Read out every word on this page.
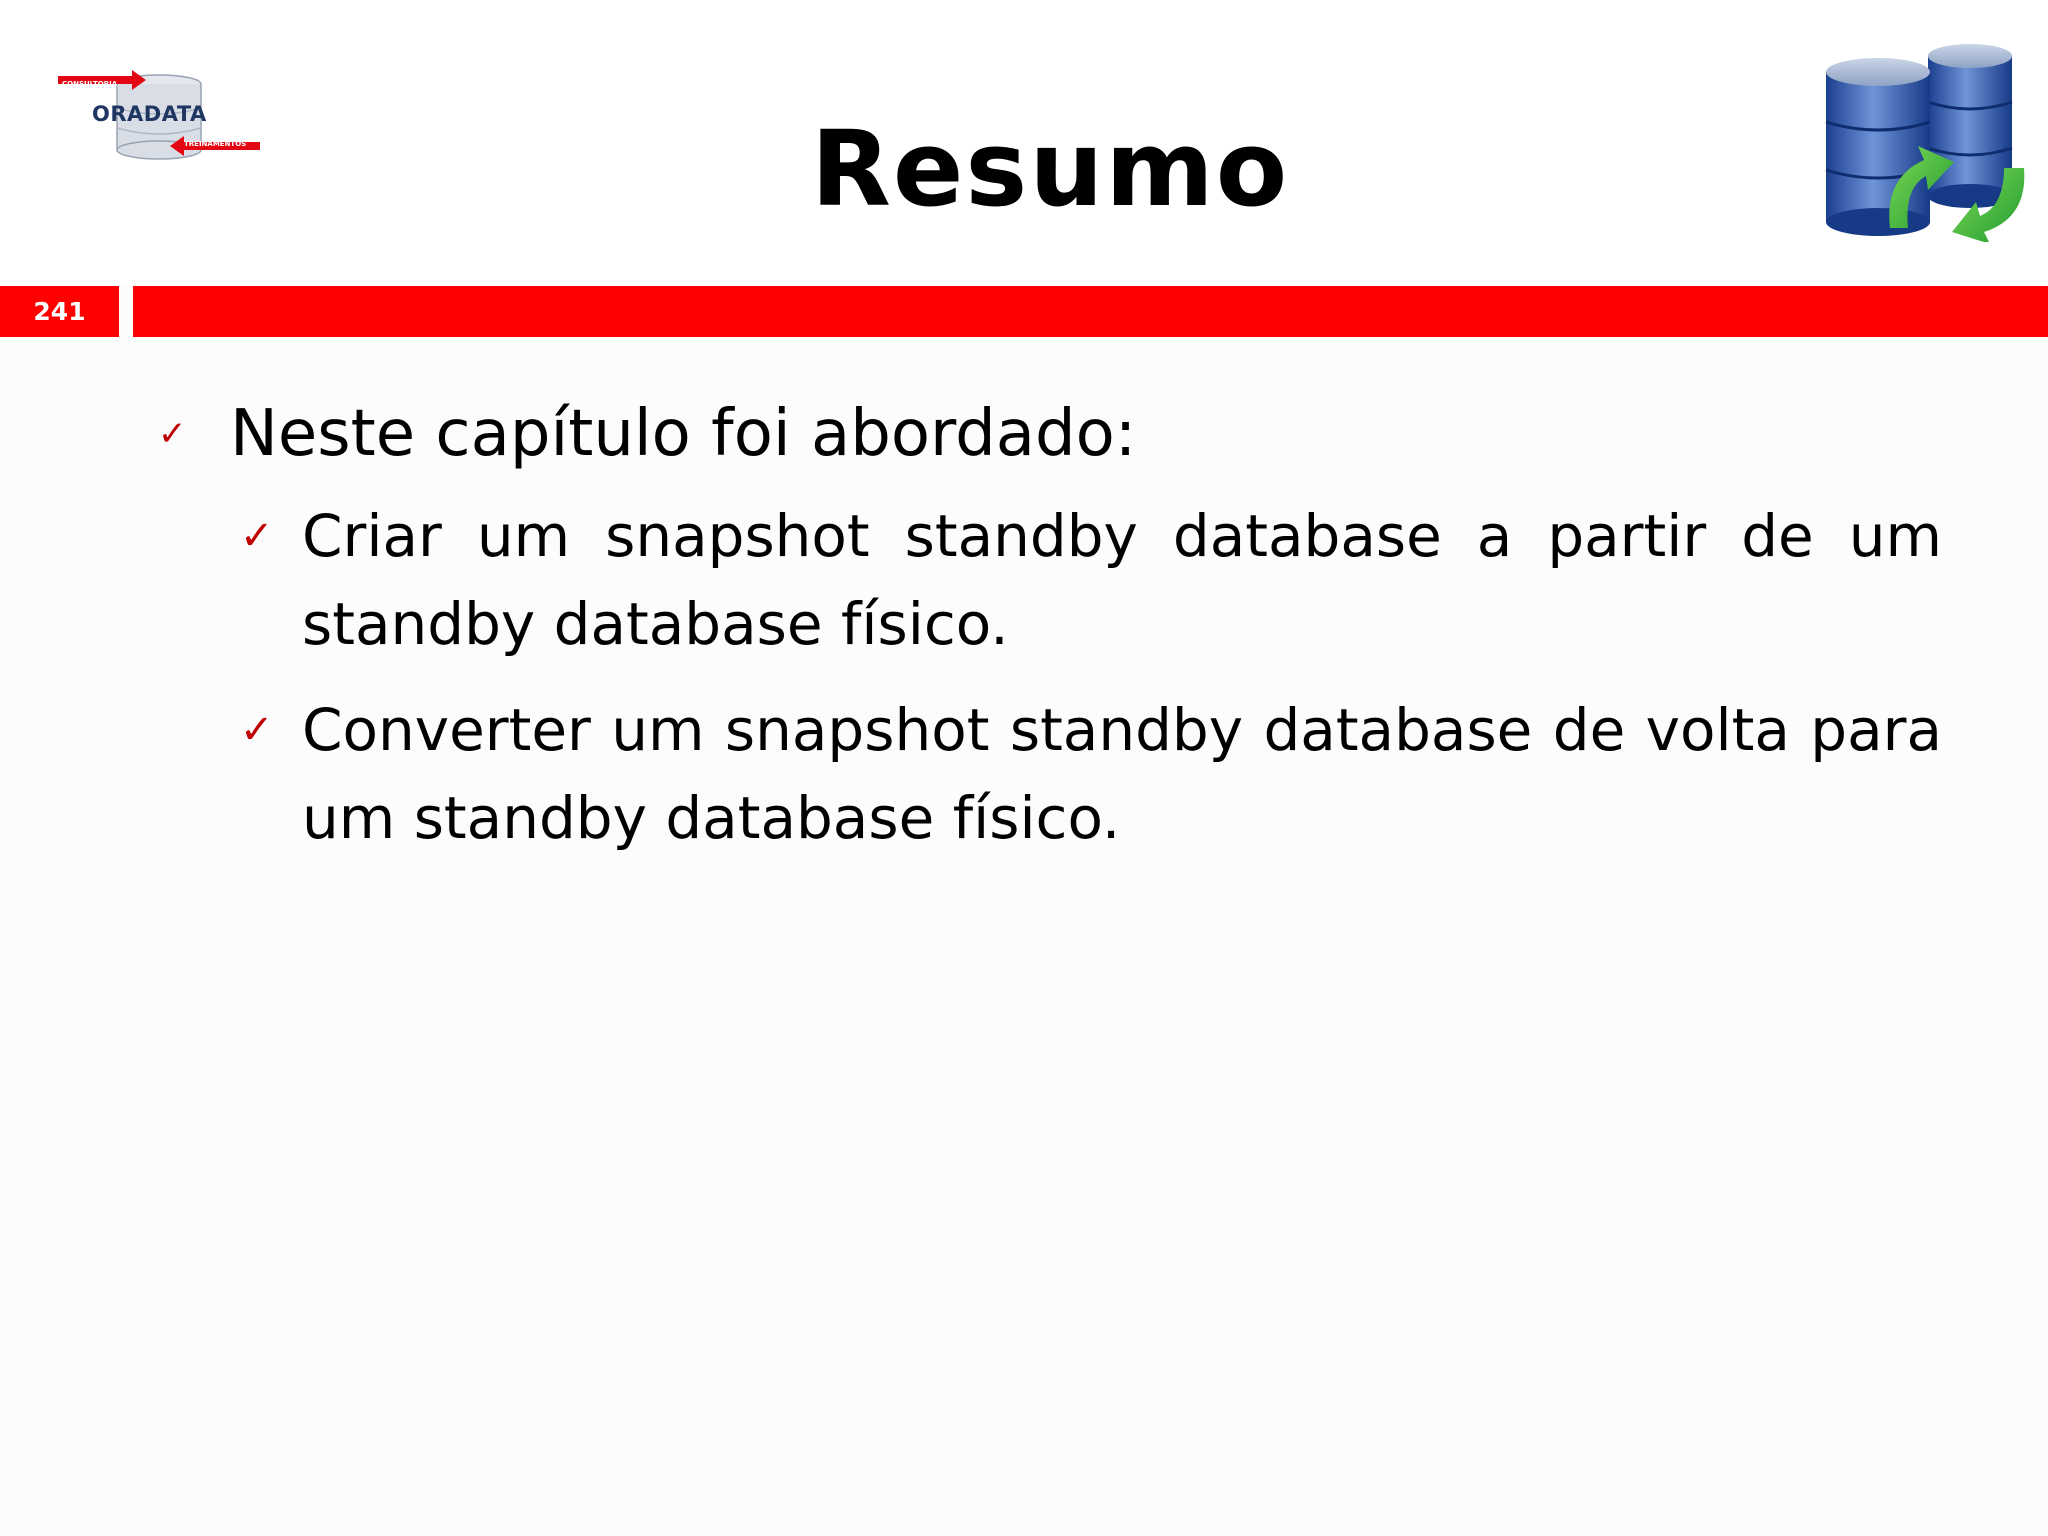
CONSULTORIA
ORADATA
TREINAMENTOS	Resumo
241
✓ Neste capítulo foi abordado:
✓ Criar um snapshot standby database a partir de um standby database físico.
✓ Converter um snapshot standby database de volta para um standby database físico.
